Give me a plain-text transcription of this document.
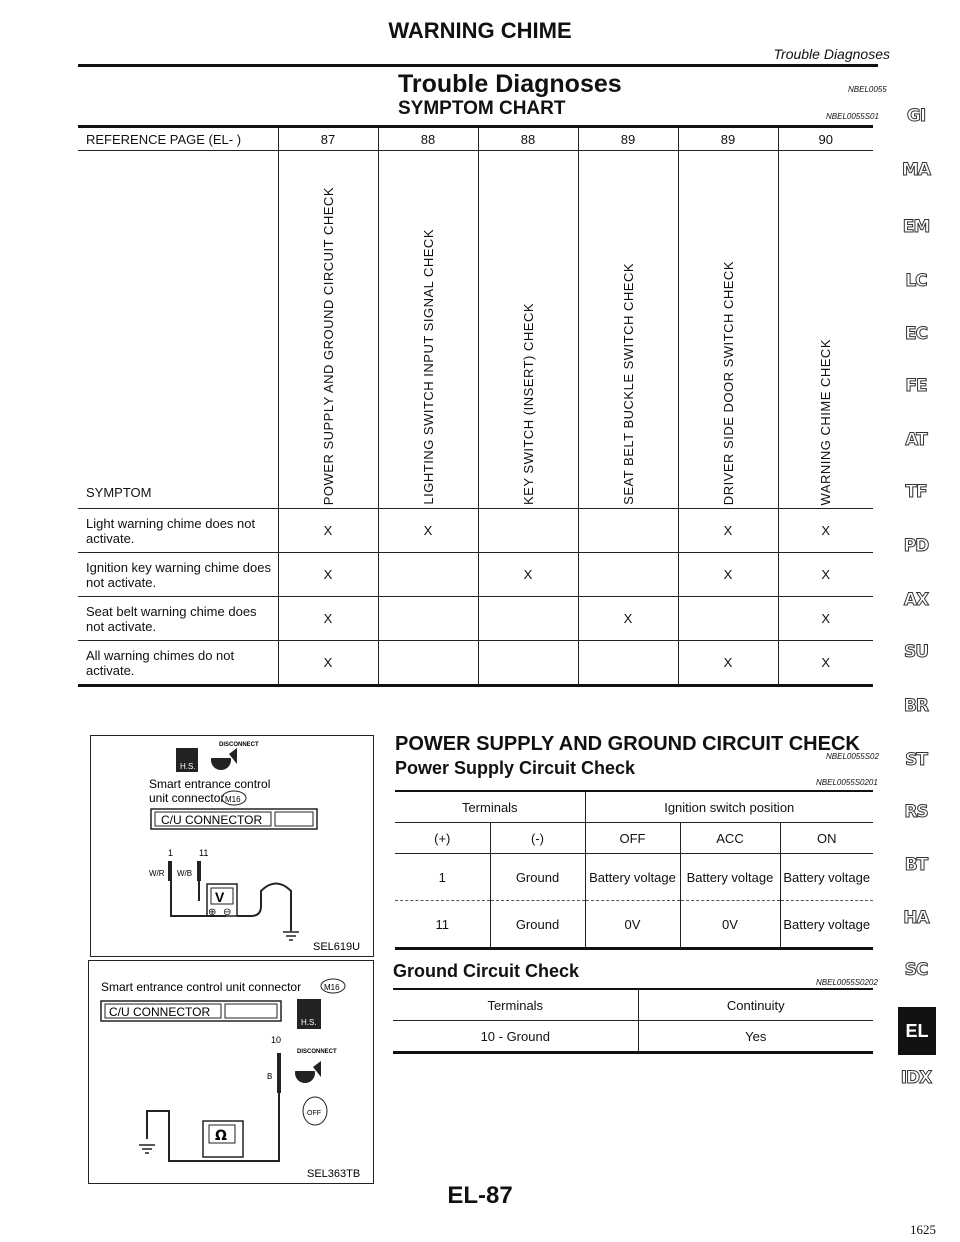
WARNING CHIME
Trouble Diagnoses
Trouble Diagnoses	NBEL0055
SYMPTOM CHART	NBEL0055S01
REFERENCE PAGE (EL- )	87	88	88	89	89	90

SYMPTOM	POWER SUPPLY AND GROUND CIRCUIT CHECK	LIGHTING SWITCH INPUT SIGNAL CHECK	KEY SWITCH (INSERT) CHECK	SEAT BELT BUCKLE SWITCH CHECK	DRIVER SIDE DOOR SWITCH CHECK	WARNING CHIME CHECK
Light warning chime does not activate.	X	X			X	X
Ignition key warning chime does not activate.	X		X		X	X
Seat belt warning chime does not activate.	X			X		X
All warning chimes do not activate.	X				X	X
GI
MA
EM
LC
EC
FE
AT
TF
PD
AX
SU
BR
ST
RS
BT
HA
SC
EL
IDX
H.S.
DISCONNECT
Smart entrance control
unit connector M16
C/U CONNECTOR
1	11
W/R W/B
V
⊕ ⊖
SEL619U
Smart entrance control unit connector	M16
C/U CONNECTOR
H.S.
10
DISCONNECT
B
OFF
Ω
SEL363TB
POWER SUPPLY AND GROUND CIRCUIT CHECK
NBEL0055S02
Power Supply Circuit Check
NBEL0055S0201
Terminals		Ignition switch position		
(+)	(-)	OFF	ACC	ON
1	Ground	Battery voltage	Battery voltage	Battery voltage
11	Ground	0V	0V	Battery voltage
Ground Circuit Check
NBEL0055S0202
Terminals	Continuity
10 - Ground	Yes
EL-87
1625
